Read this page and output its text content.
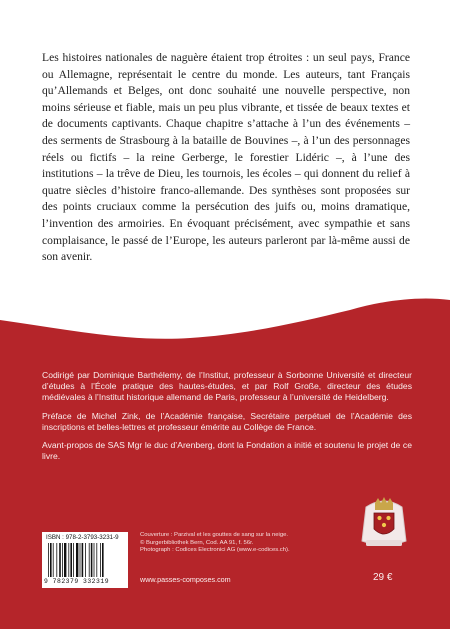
Les histoires nationales de naguère étaient trop étroites : un seul pays, France ou Allemagne, représentait le centre du monde. Les auteurs, tant Français qu’Allemands et Belges, ont donc souhaité une nouvelle perspective, non moins sérieuse et fiable, mais un peu plus vibrante, et tissée de beaux textes et de documents captivants. Chaque chapitre s’attache à l’un des événements – des serments de Strasbourg à la bataille de Bouvines –, à l’un des personnages réels ou fictifs – la reine Gerberge, le forestier Lidéric –, à l’une des institutions – la trêve de Dieu, les tournois, les écoles – qui donnent du relief à quatre siècles d’histoire franco-allemande. Des synthèses sont proposées sur des points cruciaux comme la persécution des juifs ou, moins dramatique, l’invention des armoiries. En évoquant précisément, avec sympathie et sans complaisance, le passé de l’Europe, les auteurs parleront par là-même aussi de son avenir.

Codirigé par Dominique Barthélemy, de l’Institut, professeur à Sorbonne Université et directeur d’études à l’École pratique des hautes-études, et par Rolf Große, directeur des études médiévales à l’Institut historique allemand de Paris, professeur à l’université de Heidelberg.

Préface de Michel Zink, de l’Académie française, Secrétaire perpétuel de l’Académie des inscriptions et belles-lettres et professeur émérite au Collège de France.

Avant-propos de SAS Mgr le duc d’Arenberg, dont la Fondation a initié et soutenu le projet de ce livre.

ISBN : 978-2-3793-3231-9
9 782379 332319
Couverture : Parzival et les gouttes de sang sur la neige.
© Burgerbibliothek Bern, Cod. AA 91, f. 56r.
Photograph : Codices Electronici AG (www.e-codices.ch).
www.passes-composes.com	29 €
